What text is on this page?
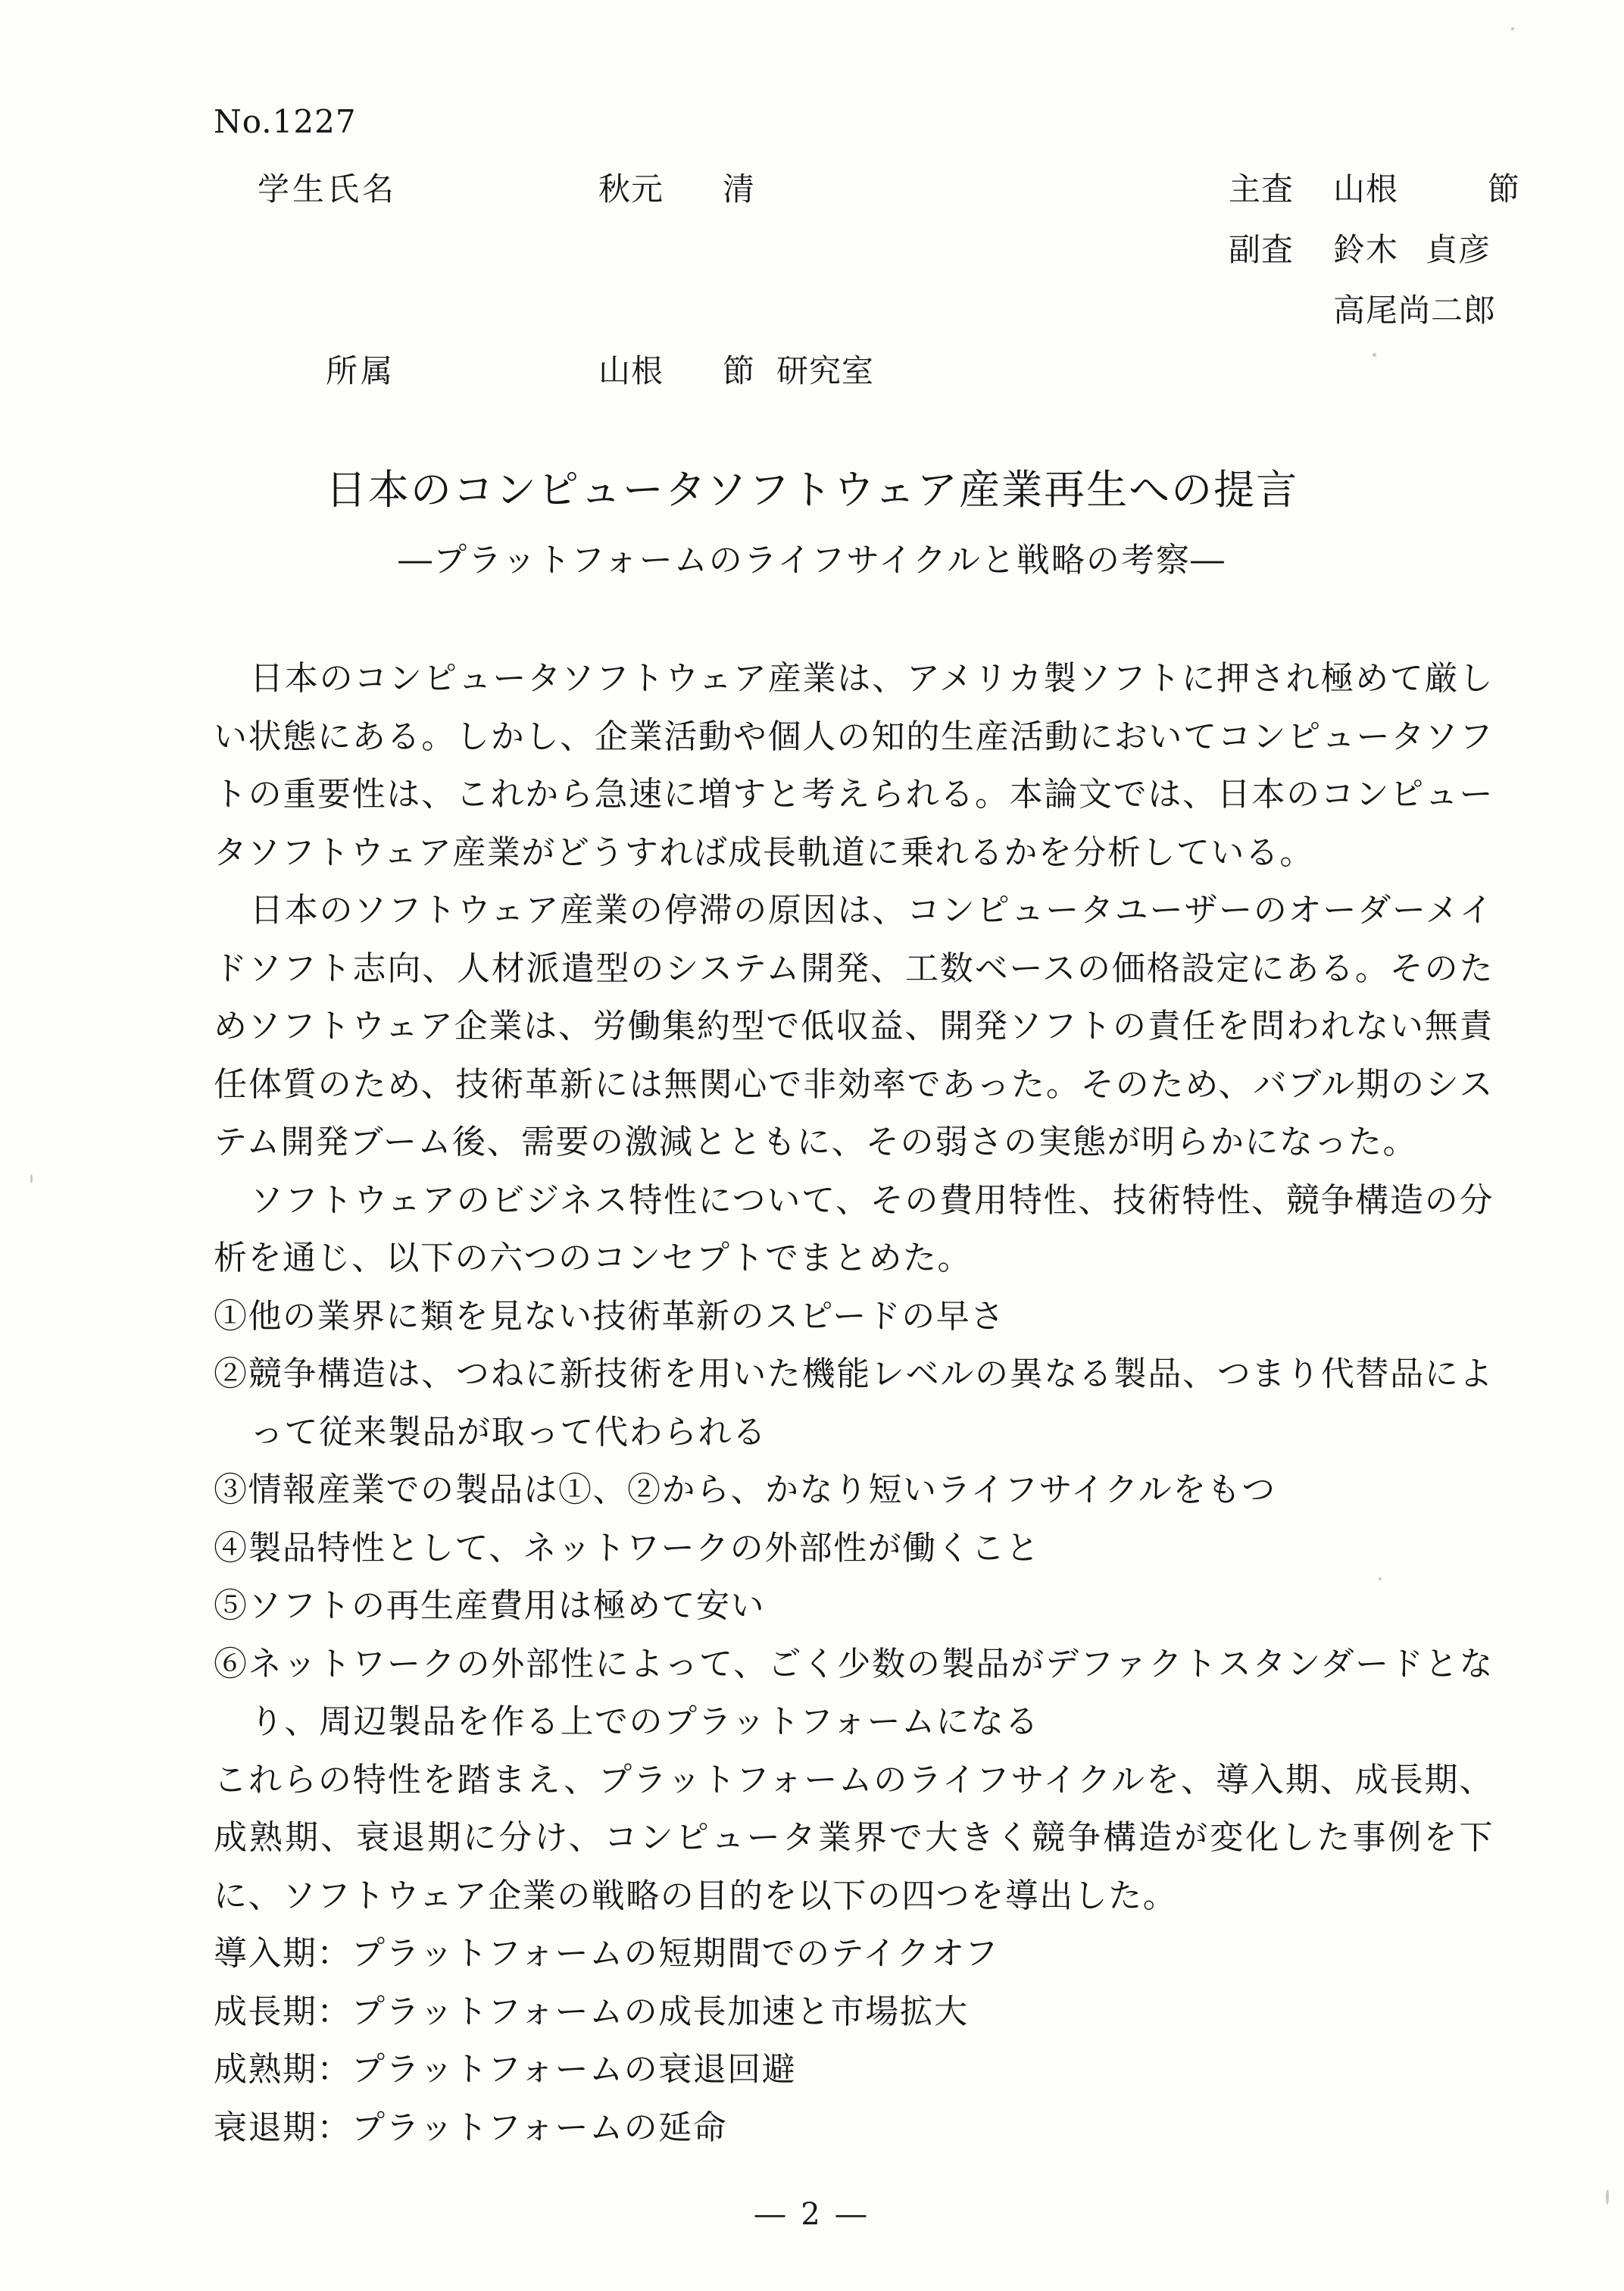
No.1227
学生氏名	秋元 清	主査 山根	節
副査 鈴木 貞彦
高尾尚二郎
所属	山根 節 研究室
日本のコンピュータソフトウェア産業再生への提言
―プラットフォームのライフサイクルと戦略の考察―

日本のコンピュータソフトウェア産業は、アメリカ製ソフトに押され極めて厳しい状態にある。しかし、企業活動や個人の知的生産活動においてコンピュータソフトの重要性は、これから急速に増すと考えられる。本論文では、日本のコンピュータソフトウェア産業がどうすれば成長軌道に乗れるかを分析している。

日本のソフトウェア産業の停滞の原因は、コンピュータユーザーのオーダーメイドソフト志向、人材派遣型のシステム開発、工数ベースの価格設定にある。そのためソフトウェア企業は、労働集約型で低収益、開発ソフトの責任を問われない無責任体質のため、技術革新には無関心で非効率であった。そのため、バブル期のシステム開発ブーム後、需要の激減とともに、その弱さの実態が明らかになった。

ソフトウェアのビジネス特性について、その費用特性、技術特性、競争構造の分析を通じ、以下の六つのコンセプトでまとめた。

①他の業界に類を見ない技術革新のスピードの早さ

②競争構造は、つねに新技術を用いた機能レベルの異なる製品、つまり代替品によって従来製品が取って代わられる

③情報産業での製品は①、②から、かなり短いライフサイクルをもつ

④製品特性として、ネットワークの外部性が働くこと

⑤ソフトの再生産費用は極めて安い

⑥ネットワークの外部性によって、ごく少数の製品がデファクトスタンダードとなり、周辺製品を作る上でのプラットフォームになる

これらの特性を踏まえ、プラットフォームのライフサイクルを、導入期、成長期、成熟期、衰退期に分け、コンピュータ業界で大きく競争構造が変化した事例を下に、ソフトウェア企業の戦略の目的を以下の四つを導出した。

導入期：プラットフォームの短期間でのテイクオフ

成長期：プラットフォームの成長加速と市場拡大

成熟期：プラットフォームの衰退回避

衰退期：プラットフォームの延命

― 2 ―
